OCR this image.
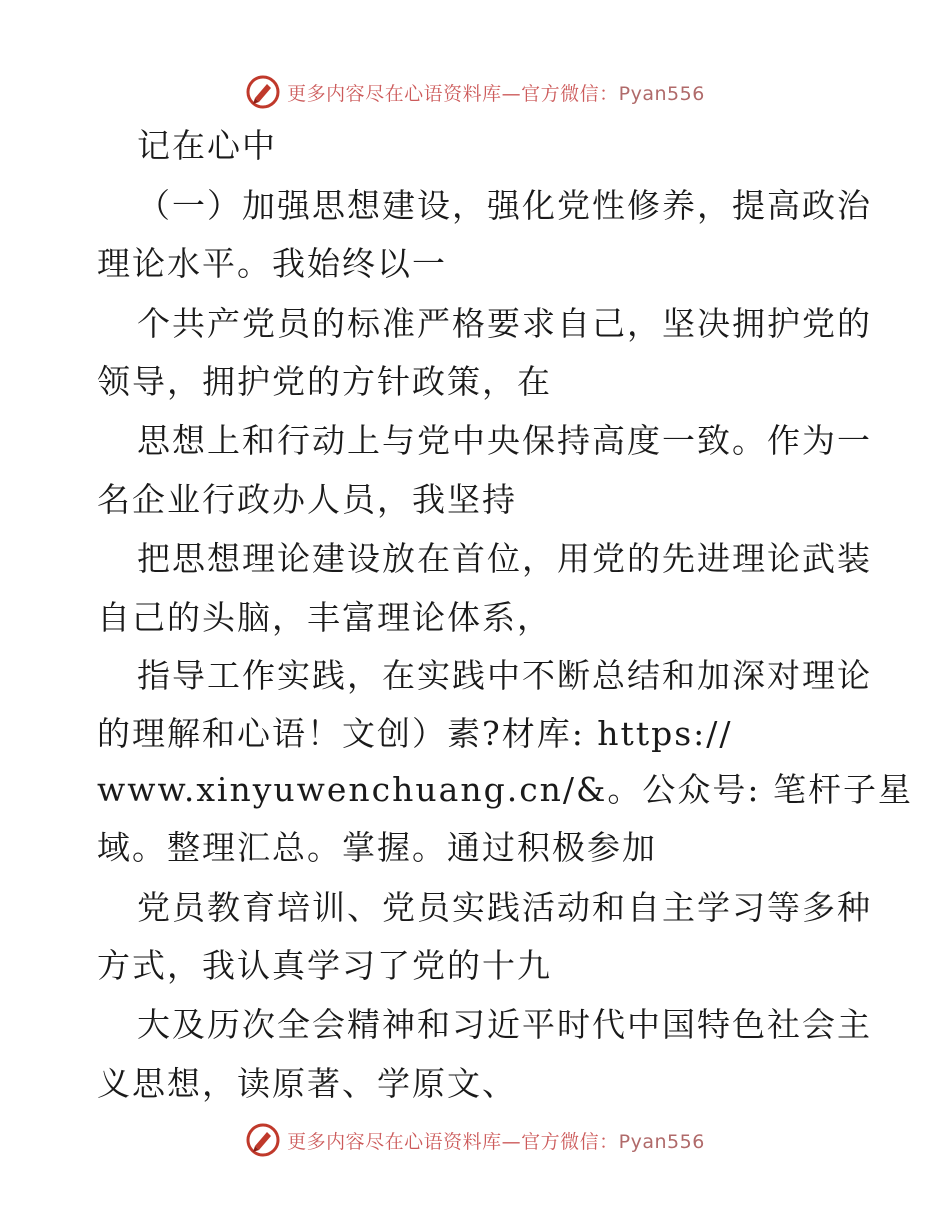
更多内容尽在心语资料库—官方微信：Pyan556
记在心中
（一）加强思想建设，强化党性修养，提高政治
理论水平。我始终以一
个共产党员的标准严格要求自己，坚决拥护党的
领导，拥护党的方针政策，在
思想上和行动上与党中央保持高度一致。作为一
名企业行政办人员，我坚持
把思想理论建设放在首位，用党的先进理论武装
自己的头脑，丰富理论体系，
指导工作实践，在实践中不断总结和加深对理论
的理解和心语！文创）素?材库: https://
www.xinyuwenchuang.cn/&。公众号: 笔杆子星
域。整理汇总。掌握。通过积极参加
党员教育培训、党员实践活动和自主学习等多种
方式，我认真学习了党的十九
大及历次全会精神和习近平时代中国特色社会主
义思想，读原著、学原文、
更多内容尽在心语资料库—官方微信：Pyan556
